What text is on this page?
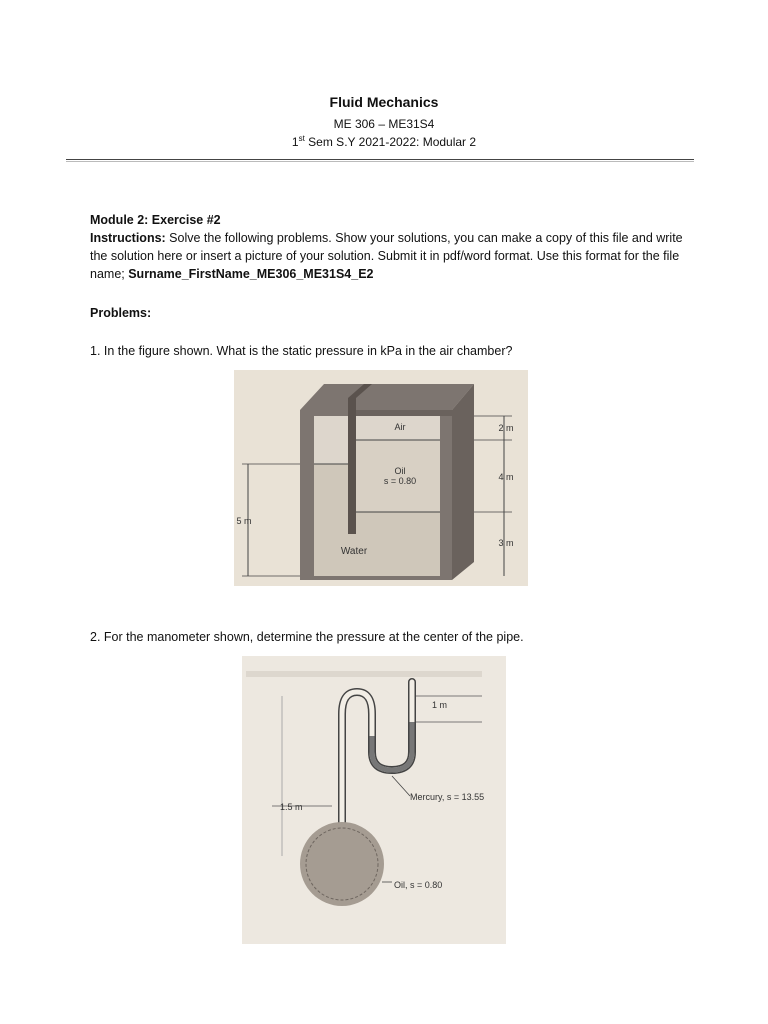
Fluid Mechanics
ME 306 – ME31S4
1st Sem S.Y 2021-2022: Modular 2
Module 2: Exercise #2
Instructions: Solve the following problems. Show your solutions, you can make a copy of this file and write the solution here or insert a picture of your solution. Submit it in pdf/word format. Use this format for the file name; Surname_FirstName_ME306_ME31S4_E2
Problems:
1. In the figure shown. What is the static pressure in kPa in the air chamber?
Air
Oil
s = 0.80
Water
2 m
4 m
3 m
5 m
2. For the manometer shown, determine the pressure at the center of the pipe.
1.5 m
1 m
Mercury, s = 13.55
Oil, s = 0.80
